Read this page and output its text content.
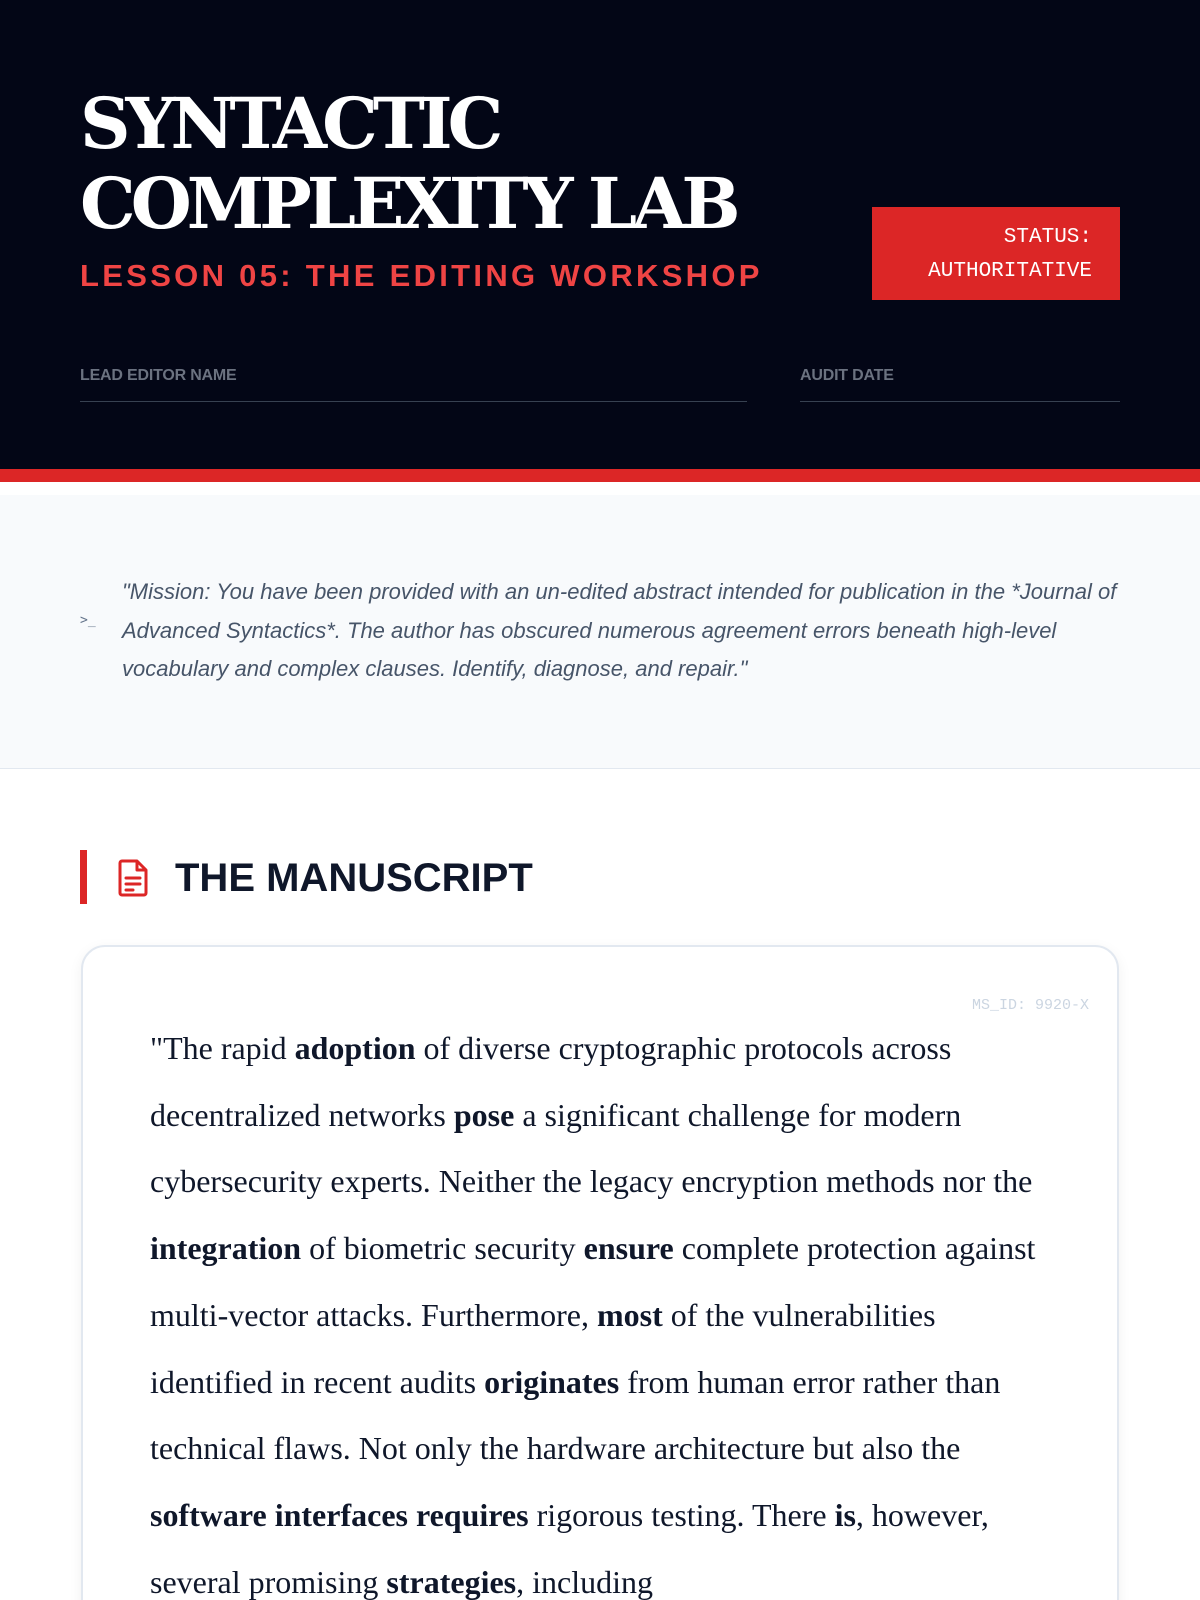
SYNTACTIC
COMPLEXITY LAB
LESSON 05: THE EDITING WORKSHOP
STATUS:
AUTHORITATIVE
LEAD EDITOR NAME	AUDIT DATE
>_

"Mission: You have been provided with an un-edited abstract intended for publication in the *Journal of Advanced Syntactics*. The author has obscured numerous agreement errors beneath high-level vocabulary and complex clauses. Identify, diagnose, and repair."

THE MANUSCRIPT
MS_ID: 9920-X

"The rapid adoption of diverse cryptographic protocols across decentralized networks pose a significant challenge for modern cybersecurity experts. Neither the legacy encryption methods nor the integration of biometric security ensure complete protection against multi-vector attacks. Furthermore, most of the vulnerabilities identified in recent audits originates from human error rather than technical flaws. Not only the hardware architecture but also the software interfaces requires rigorous testing. There is, however, several promising strategies, including
